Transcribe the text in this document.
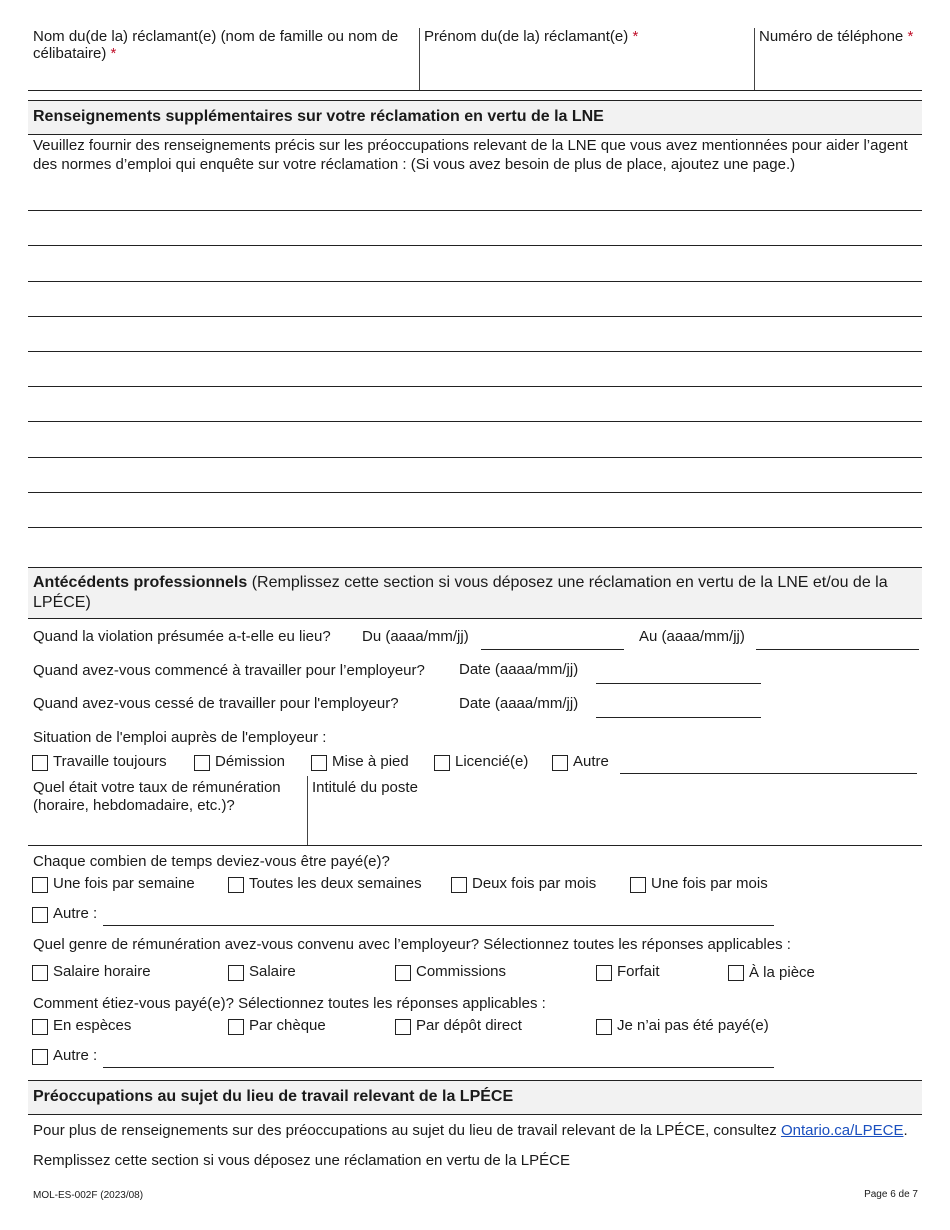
Nom du(de la) réclamant(e) (nom de famille ou nom de célibataire) *
Prénom du(de la) réclamant(e) *	Numéro de téléphone *
Renseignements supplémentaires sur votre réclamation en vertu de la LNE
Veuillez fournir des renseignements précis sur les préoccupations relevant de la LNE que vous avez mentionnées pour aider l’agent des normes d’emploi qui enquête sur votre réclamation : (Si vous avez besoin de plus de place, ajoutez une page.)
Antécédents professionnels (Remplissez cette section si vous déposez une réclamation en vertu de la LNE et/ou de la LPÉCE)
Quand la violation présumée a-t-elle eu lieu? Du (aaaa/mm/jj)	Au (aaaa/mm/jj)
Quand avez-vous commencé à travailler pour l’employeur? Date (aaaa/mm/jj)
Quand avez-vous cessé de travailler pour l'employeur?	Date (aaaa/mm/jj)
Situation de l'emploi auprès de l'employeur :
Travaille toujours	Démission	Mise à pied	Licencié(e)	Autre
Quel était votre taux de rémunération (horaire, hebdomadaire, etc.)?
Intitulé du poste
Chaque combien de temps deviez-vous être payé(e)?
Une fois par semaine	Toutes les deux semaines	Deux fois par mois	Une fois par mois
Autre :
Quel genre de rémunération avez-vous convenu avec l’employeur? Sélectionnez toutes les réponses applicables :
Salaire horaire	Salaire	Commissions	Forfait	À la pièce
Comment étiez-vous payé(e)? Sélectionnez toutes les réponses applicables :
En espèces	Par chèque	Par dépôt direct	Je n’ai pas été payé(e)
Autre :
Préoccupations au sujet du lieu de travail relevant de la LPÉCE
Pour plus de renseignements sur des préoccupations au sujet du lieu de travail relevant de la LPÉCE, consultez Ontario.ca/LPECE.
Remplissez cette section si vous déposez une réclamation en vertu de la LPÉCE
MOL-ES-002F (2023/08)	Page 6 de 7
